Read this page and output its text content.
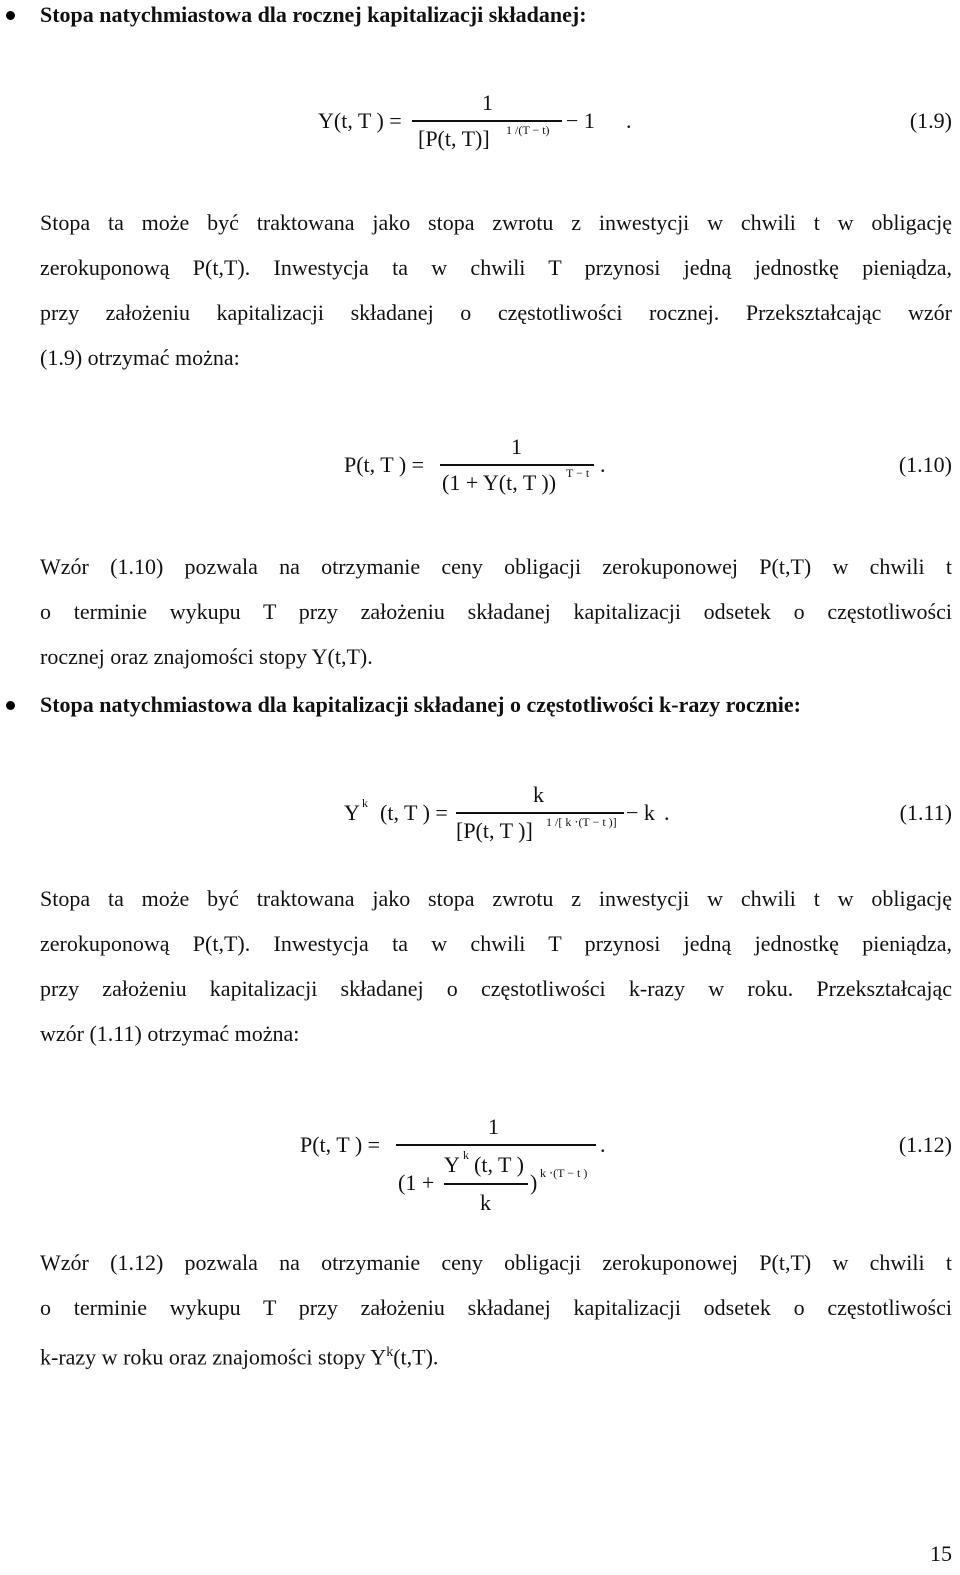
Stopa natychmiastowa dla rocznej kapitalizacji składanej:
Y(t, T ) =
1
[P(t, T)] 1 /(T − t) − 1 .	(1.9)
Stopa ta może być traktowana jako stopa zwrotu z inwestycji w chwili t w obligację
zerokuponową P(t,T). Inwestycja ta w chwili T przynosi jedną jednostkę pieniądza,
przy założeniu kapitalizacji składanej o częstotliwości rocznej. Przekształcając wzór
(1.9) otrzymać można:
P(t, T ) =
1
(1 + Y(t, T )) T − t .	(1.10)
Wzór (1.10) pozwala na otrzymanie ceny obligacji zerokuponowej P(t,T) w chwili t
o terminie wykupu T przy założeniu składanej kapitalizacji odsetek o częstotliwości
rocznej oraz znajomości stopy Y(t,T).
Stopa natychmiastowa dla kapitalizacji składanej o częstotliwości k-razy rocznie:
Y k (t, T ) =
k
[P(t, T )] 1 /[ k ⋅(T − t )] − k .	(1.11)
Stopa ta może być traktowana jako stopa zwrotu z inwestycji w chwili t w obligację
zerokuponową P(t,T). Inwestycja ta w chwili T przynosi jedną jednostkę pieniądza,
przy założeniu kapitalizacji składanej o częstotliwości k-razy w roku. Przekształcając
wzór (1.11) otrzymać można:
P(t, T ) =
1
(1 +
Y k (t, T )
k
) k ⋅(T − t )
.	(1.12)
Wzór (1.12) pozwala na otrzymanie ceny obligacji zerokuponowej P(t,T) w chwili t
o terminie wykupu T przy założeniu składanej kapitalizacji odsetek o częstotliwości
k-razy w roku oraz znajomości stopy $Y^k(t,T)$.
15
